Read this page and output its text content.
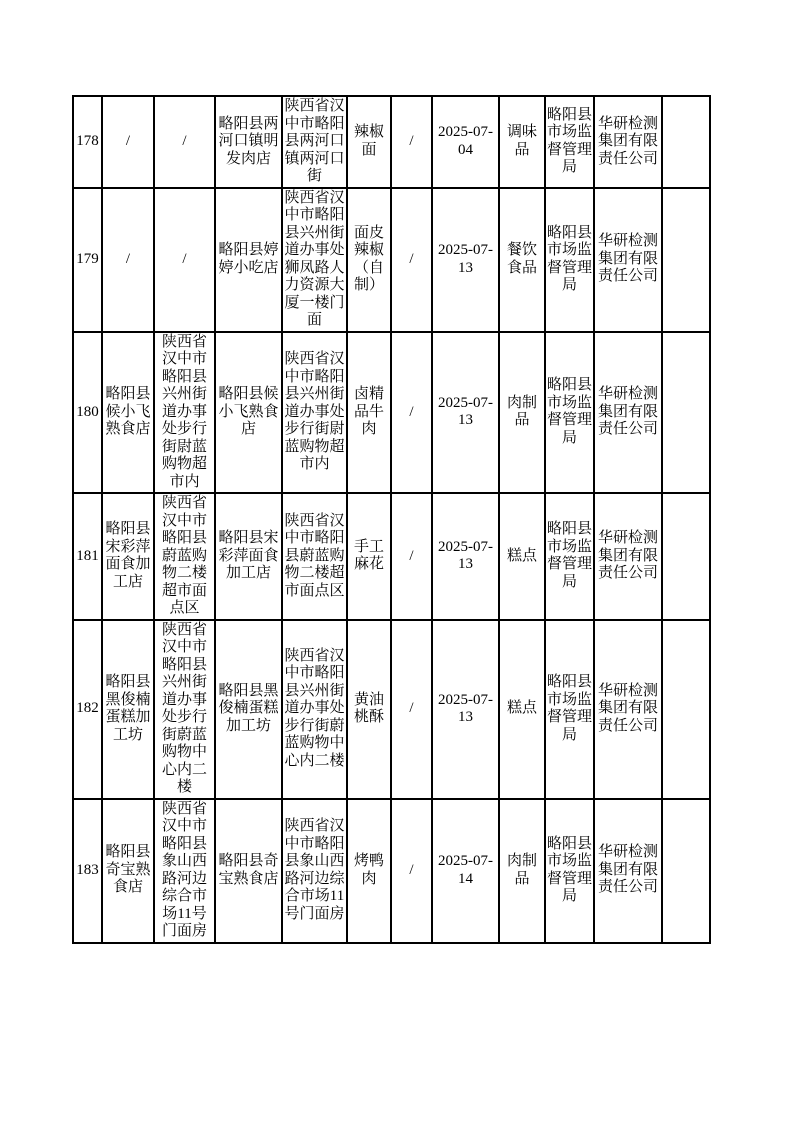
178	/	/	略阳县两河口镇明发肉店	陕西省汉中市略阳县两河口镇两河口街	辣椒面	/	2025-07-04	调味品	略阳县市场监督管理局	华研检测集团有限责任公司	
179	/	/	略阳县婷婷小吃店	陕西省汉中市略阳县兴州街道办事处狮凤路人力资源大厦一楼门面	面皮辣椒（自制）	/	2025-07-13	餐饮食品	略阳县市场监督管理局	华研检测集团有限责任公司	
180	略阳县候小飞熟食店	陕西省汉中市略阳县兴州街道办事处步行街尉蓝购物超市内	略阳县候小飞熟食店	陕西省汉中市略阳县兴州街道办事处步行街尉蓝购物超市内	卤精品牛肉	/	2025-07-13	肉制品	略阳县市场监督管理局	华研检测集团有限责任公司	
181	略阳县宋彩萍面食加工店	陕西省汉中市略阳县蔚蓝购物二楼超市面点区	略阳县宋彩萍面食加工店	陕西省汉中市略阳县蔚蓝购物二楼超市面点区	手工麻花	/	2025-07-13	糕点	略阳县市场监督管理局	华研检测集团有限责任公司	
182	略阳县黑俊楠蛋糕加工坊	陕西省汉中市略阳县兴州街道办事处步行街蔚蓝购物中心内二楼	略阳县黑俊楠蛋糕加工坊	陕西省汉中市略阳县兴州街道办事处步行街蔚蓝购物中心内二楼	黄油桃酥	/	2025-07-13	糕点	略阳县市场监督管理局	华研检测集团有限责任公司	
183	略阳县奇宝熟食店	陕西省汉中市略阳县象山西路河边综合市场11号门面房	略阳县奇宝熟食店	陕西省汉中市略阳县象山西路河边综合市场11号门面房	烤鸭肉	/	2025-07-14	肉制品	略阳县市场监督管理局	华研检测集团有限责任公司	
